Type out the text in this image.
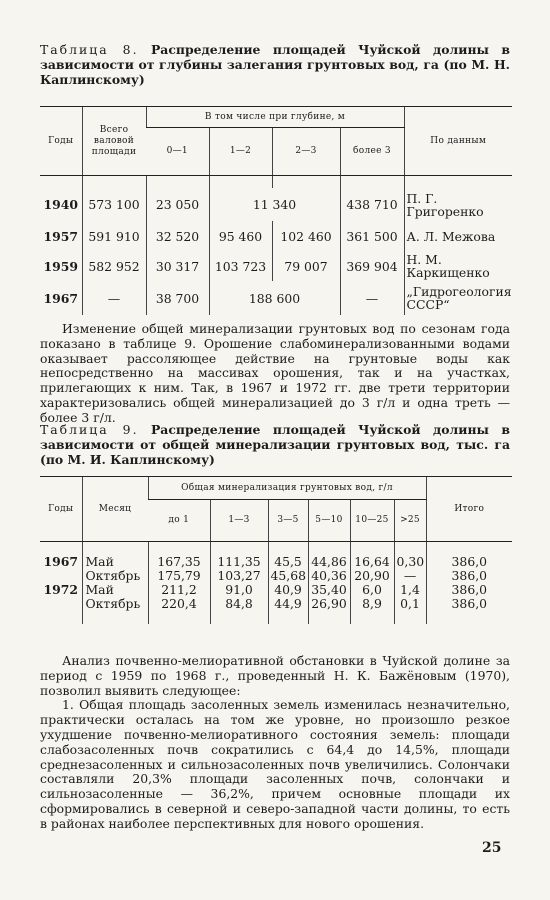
Таблица 8. Распределение площадей Чуйской долины в зависимости от глубины залегания грунтовых вод, га (по М. Н. Каплинскому)
Годы	Всего валовой площади	В том числе при глубине, м				По данным
		0—1	1—2	2—3	более 3	

1940	573 100	23 050	11 340		438 710	П. Г. Григоренко
1957	591 910	32 520	95 460	102 460	361 500	А. Л. Межова
1959	582 952	30 317	103 723	79 007	369 904	Н. М. Каркищенко
1967	—	38 700	188 600		—	„Гидрогеология СССР“

Изменение общей минерализации грунтовых вод по сезонам года показано в таблице 9. Орошение слабоминерализованными водами оказывает рассоляющее действие на грунтовые воды как непосредственно на массивах орошения, так и на участках, прилегающих к ним. Так, в 1967 и 1972 гг. две трети территории характеризовались общей минерализацией до 3 г/л и одна треть — более 3 г/л.

Таблица 9. Распределение площадей Чуйской долины в зависимости от общей минерализации грунтовых вод, тыс. га (по М. И. Каплинскому)
Годы	Месяц	Общая минерализация грунтовых вод, г/л						Итого
		до 1	1—3	3—5	5—10	10—25	>25	

1967	Май	167,35	111,35	45,5	44,86	16,64	0,30	386,0
	Октябрь	175,79	103,27	45,68	40,36	20,90	—	386,0
1972	Май	211,2	91,0	40,9	35,40	6,0	1,4	386,0
	Октябрь	220,4	84,8	44,9	26,90	8,9	0,1	386,0

Анализ почвенно-мелиоративной обстановки в Чуйской долине за период с 1959 по 1968 г., проведенный Н. К. Бажёновым (1970), позволил выявить следующее:

1. Общая площадь засоленных земель изменилась незначительно, практически осталась на том же уровне, но произошло резкое ухудшение почвенно-мелиоративного состояния земель: площади слабозасоленных почв сократились с 64,4 до 14,5%, площади среднезасоленных и сильнозасоленных почв увеличились. Солончаки составляли 20,3% площади засоленных почв, солончаки и сильнозасоленные — 36,2%, причем основные площади их сформировались в северной и северо-западной части долины, то есть в районах наиболее перспективных для нового орошения.

25
